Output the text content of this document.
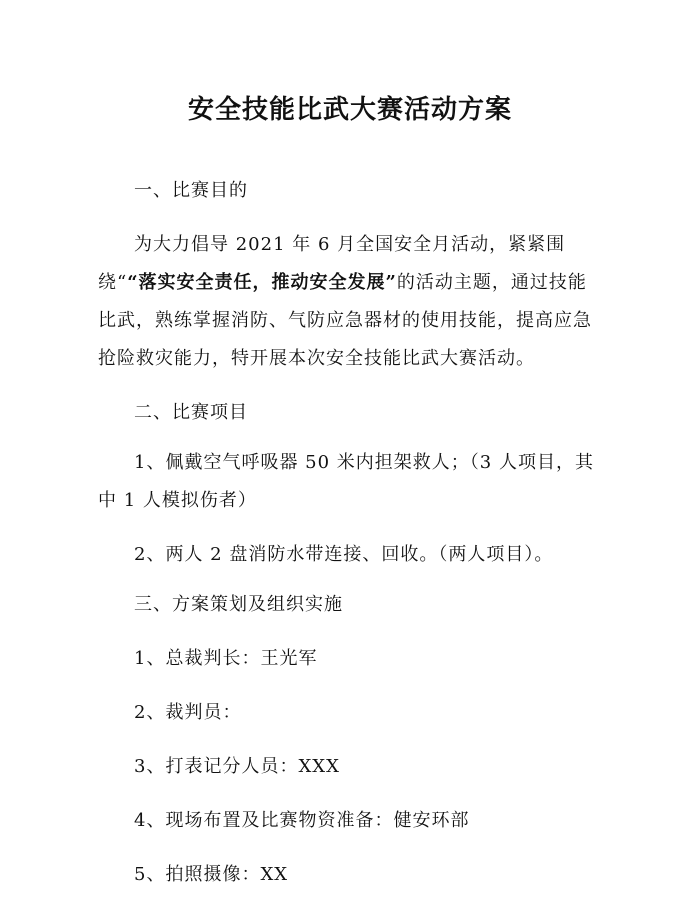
安全技能比武大赛活动方案

一、比赛目的

为大力倡导 2021 年 6 月全国安全月活动，紧紧围绕““落实安全责任，推动安全发展”的活动主题，通过技能比武，熟练掌握消防、气防应急器材的使用技能，提高应急抢险救灾能力，特开展本次安全技能比武大赛活动。

二、比赛项目

1、佩戴空气呼吸器 50 米内担架救人；（3 人项目，其中 1 人模拟伤者）

2、两人 2 盘消防水带连接、回收。（两人项目）。

三、方案策划及组织实施

1、总裁判长：王光军

2、裁判员：

3、打表记分人员：XXX

4、现场布置及比赛物资准备：健安环部

5、拍照摄像：XX
